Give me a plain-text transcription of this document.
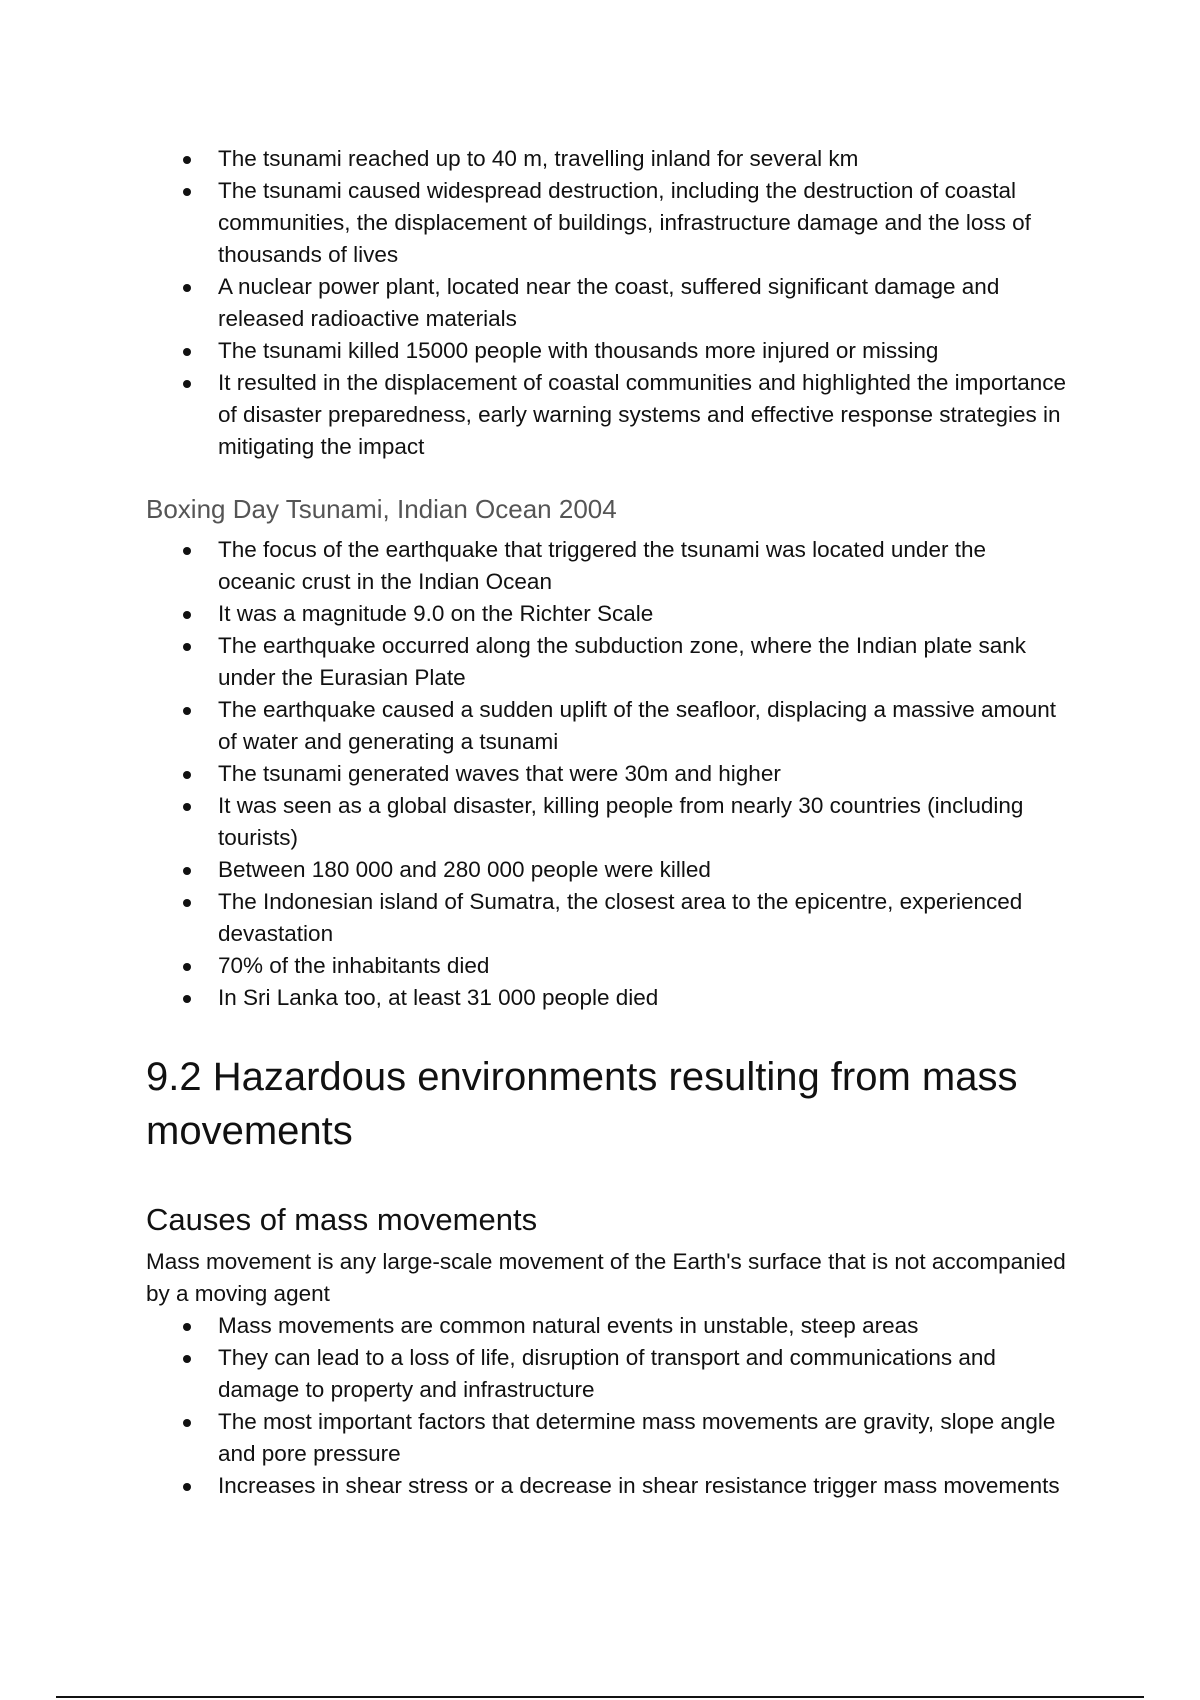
The tsunami reached up to 40 m, travelling inland for several km
The tsunami caused widespread destruction, including the destruction of coastal communities, the displacement of buildings, infrastructure damage and the loss of thousands of lives
A nuclear power plant, located near the coast, suffered significant damage and released radioactive materials
The tsunami killed 15000 people with thousands more injured or missing
It resulted in the displacement of coastal communities and highlighted the importance of disaster preparedness, early warning systems and effective response strategies in mitigating the impact
Boxing Day Tsunami, Indian Ocean 2004
The focus of the earthquake that triggered the tsunami was located under the oceanic crust in the Indian Ocean
It was a magnitude 9.0 on the Richter Scale
The earthquake occurred along the subduction zone, where the Indian plate sank under the Eurasian Plate
The earthquake caused a sudden uplift of the seafloor, displacing a massive amount of water and generating a tsunami
The tsunami generated waves that were 30m and higher
It was seen as a global disaster, killing people from nearly 30 countries (including tourists)
Between 180 000 and 280 000 people were killed
The Indonesian island of Sumatra, the closest area to the epicentre, experienced devastation
70% of the inhabitants died
In Sri Lanka too, at least 31 000 people died
9.2 Hazardous environments resulting from mass movements
Causes of mass movements

Mass movement is any large-scale movement of the Earth's surface that is not accompanied by a moving agent

Mass movements are common natural events in unstable, steep areas
They can lead to a loss of life, disruption of transport and communications and damage to property and infrastructure
The most important factors that determine mass movements are gravity, slope angle and pore pressure
Increases in shear stress or a decrease in shear resistance trigger mass movements
